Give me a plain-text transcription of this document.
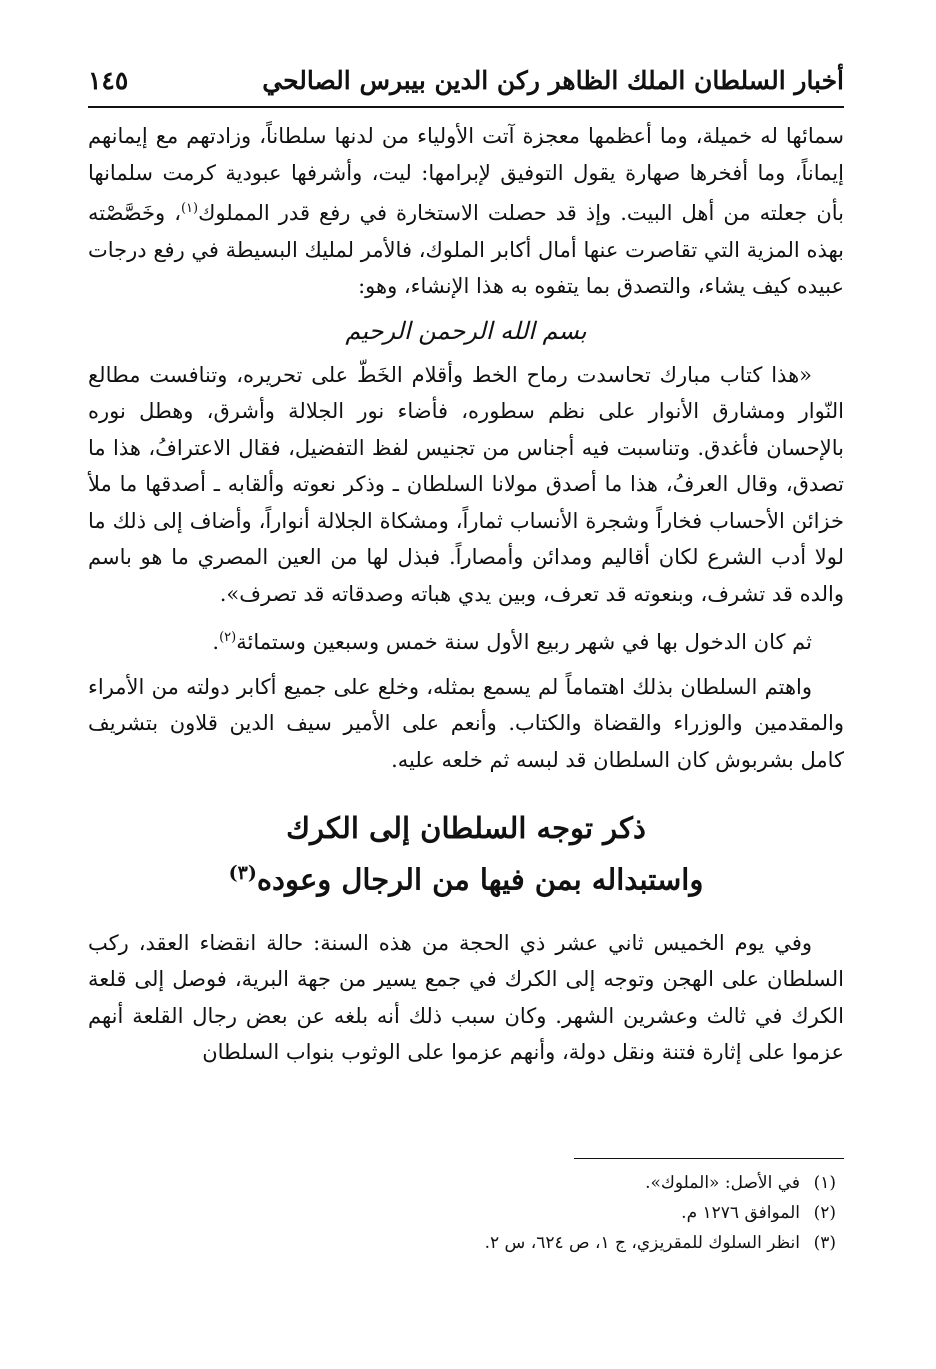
أخبار السلطان الملك الظاهر ركن الدين بيبرس الصالحي
١٤٥

سمائها له خميلة، وما أعظمها معجزة آتت الأولياء من لدنها سلطاناً، وزادتهم مع إيمانهم إيماناً، وما أفخرها صهارة يقول التوفيق لإبرامها: ليت، وأشرفها عبودية كرمت سلمانها بأن جعلته من أهل البيت. وإذ قد حصلت الاستخارة في رفع قدر المملوك$^{(١)}$، وخَصَّصْته بهذه المزية التي تقاصرت عنها أمال أكابر الملوك، فالأمر لمليك البسيطة في رفع درجات عبيده كيف يشاء، والتصدق بما يتفوه به هذا الإنشاء، وهو:

بسم الله الرحمن الرحيم

«هذا كتاب مبارك تحاسدت رماح الخط وأقلام الخَطّ على تحريره، وتنافست مطالع النّوار ومشارق الأنوار على نظم سطوره، فأضاء نور الجلالة وأشرق، وهطل نوره بالإحسان فأغدق. وتناسبت فيه أجناس من تجنيس لفظ التفضيل، فقال الاعترافُ، هذا ما تصدق، وقال العرفُ، هذا ما أصدق مولانا السلطان ـ وذكر نعوته وألقابه ـ أصدقها ما ملأ خزائن الأحساب فخاراً وشجرة الأنساب ثماراً، ومشكاة الجلالة أنواراً، وأضاف إلى ذلك ما لولا أدب الشرع لكان أقاليم ومدائن وأمصاراً. فبذل لها من العين المصري ما هو باسم والده قد تشرف، وبنعوته قد تعرف، وبين يدي هباته وصدقاته قد تصرف».

ثم كان الدخول بها في شهر ربيع الأول سنة خمس وسبعين وستمائة$^{(٢)}$.

واهتم السلطان بذلك اهتماماً لم يسمع بمثله، وخلع على جميع أكابر دولته من الأمراء والمقدمين والوزراء والقضاة والكتاب. وأنعم على الأمير سيف الدين قلاون بتشريف كامل بشربوش كان السلطان قد لبسه ثم خلعه عليه.

ذكر توجه السلطان إلى الكرك
واستبداله بمن فيها من الرجال وعوده$^{(٣)}$

وفي يوم الخميس ثاني عشر ذي الحجة من هذه السنة: حالة انقضاء العقد، ركب السلطان على الهجن وتوجه إلى الكرك في جمع يسير من جهة البرية، فوصل إلى قلعة الكرك في ثالث وعشرين الشهر. وكان سبب ذلك أنه بلغه عن بعض رجال القلعة أنهم عزموا على إثارة فتنة ونقل دولة، وأنهم عزموا على الوثوب بنواب السلطان

(١)
في الأصل: «الملوك».
(٢)
الموافق ١٢٧٦ م.
(٣)
انظر السلوك للمقريزي، ج ١، ص ٦٢٤، س ٢.
